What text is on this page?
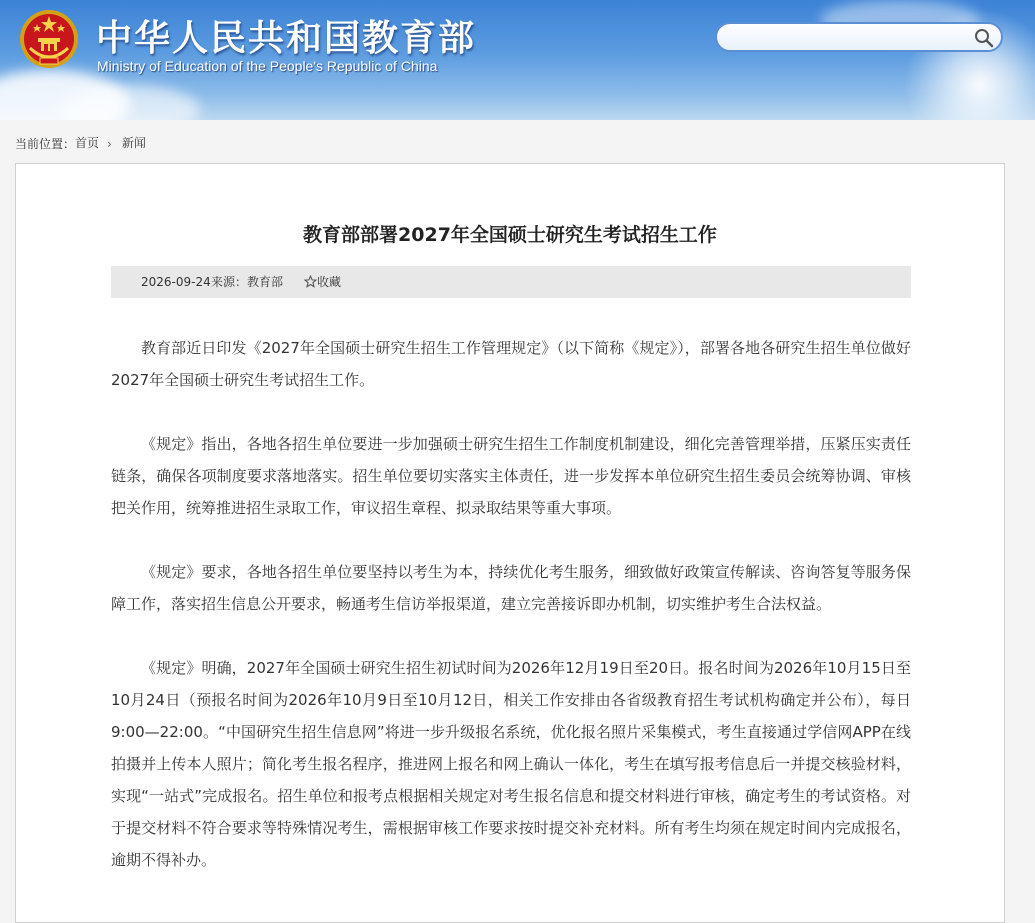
中华人民共和国教育部
Ministry of Education of the People's Republic of China
当前位置：首页 › 新闻
教育部部署2027年全国硕士研究生考试招生工作
2026-09-24 来源：教育部	收藏

教育部近日印发《2027年全国硕士研究生招生工作管理规定》（以下简称《规定》），部署各地各研究生招生单位做好2027年全国硕士研究生考试招生工作。

《规定》指出，各地各招生单位要进一步加强硕士研究生招生工作制度机制建设，细化完善管理举措，压紧压实责任链条，确保各项制度要求落地落实。招生单位要切实落实主体责任，进一步发挥本单位研究生招生委员会统筹协调、审核把关作用，统筹推进招生录取工作，审议招生章程、拟录取结果等重大事项。

《规定》要求，各地各招生单位要坚持以考生为本，持续优化考生服务，细致做好政策宣传解读、咨询答复等服务保障工作，落实招生信息公开要求，畅通考生信访举报渠道，建立完善接诉即办机制，切实维护考生合法权益。

《规定》明确，2027年全国硕士研究生招生初试时间为2026年12月19日至20日。报名时间为2026年10月15日至10月24日（预报名时间为2026年10月9日至10月12日，相关工作安排由各省级教育招生考试机构确定并公布），每日9:00—22:00。“中国研究生招生信息网”将进一步升级报名系统，优化报名照片采集模式，考生直接通过学信网APP在线拍摄并上传本人照片；简化考生报名程序，推进网上报名和网上确认一体化，考生在填写报考信息后一并提交核验材料，实现“一站式”完成报名。招生单位和报考点根据相关规定对考生报名信息和提交材料进行审核，确定考生的考试资格。对于提交材料不符合要求等特殊情况考生，需根据审核工作要求按时提交补充材料。所有考生均须在规定时间内完成报名，逾期不得补办。
